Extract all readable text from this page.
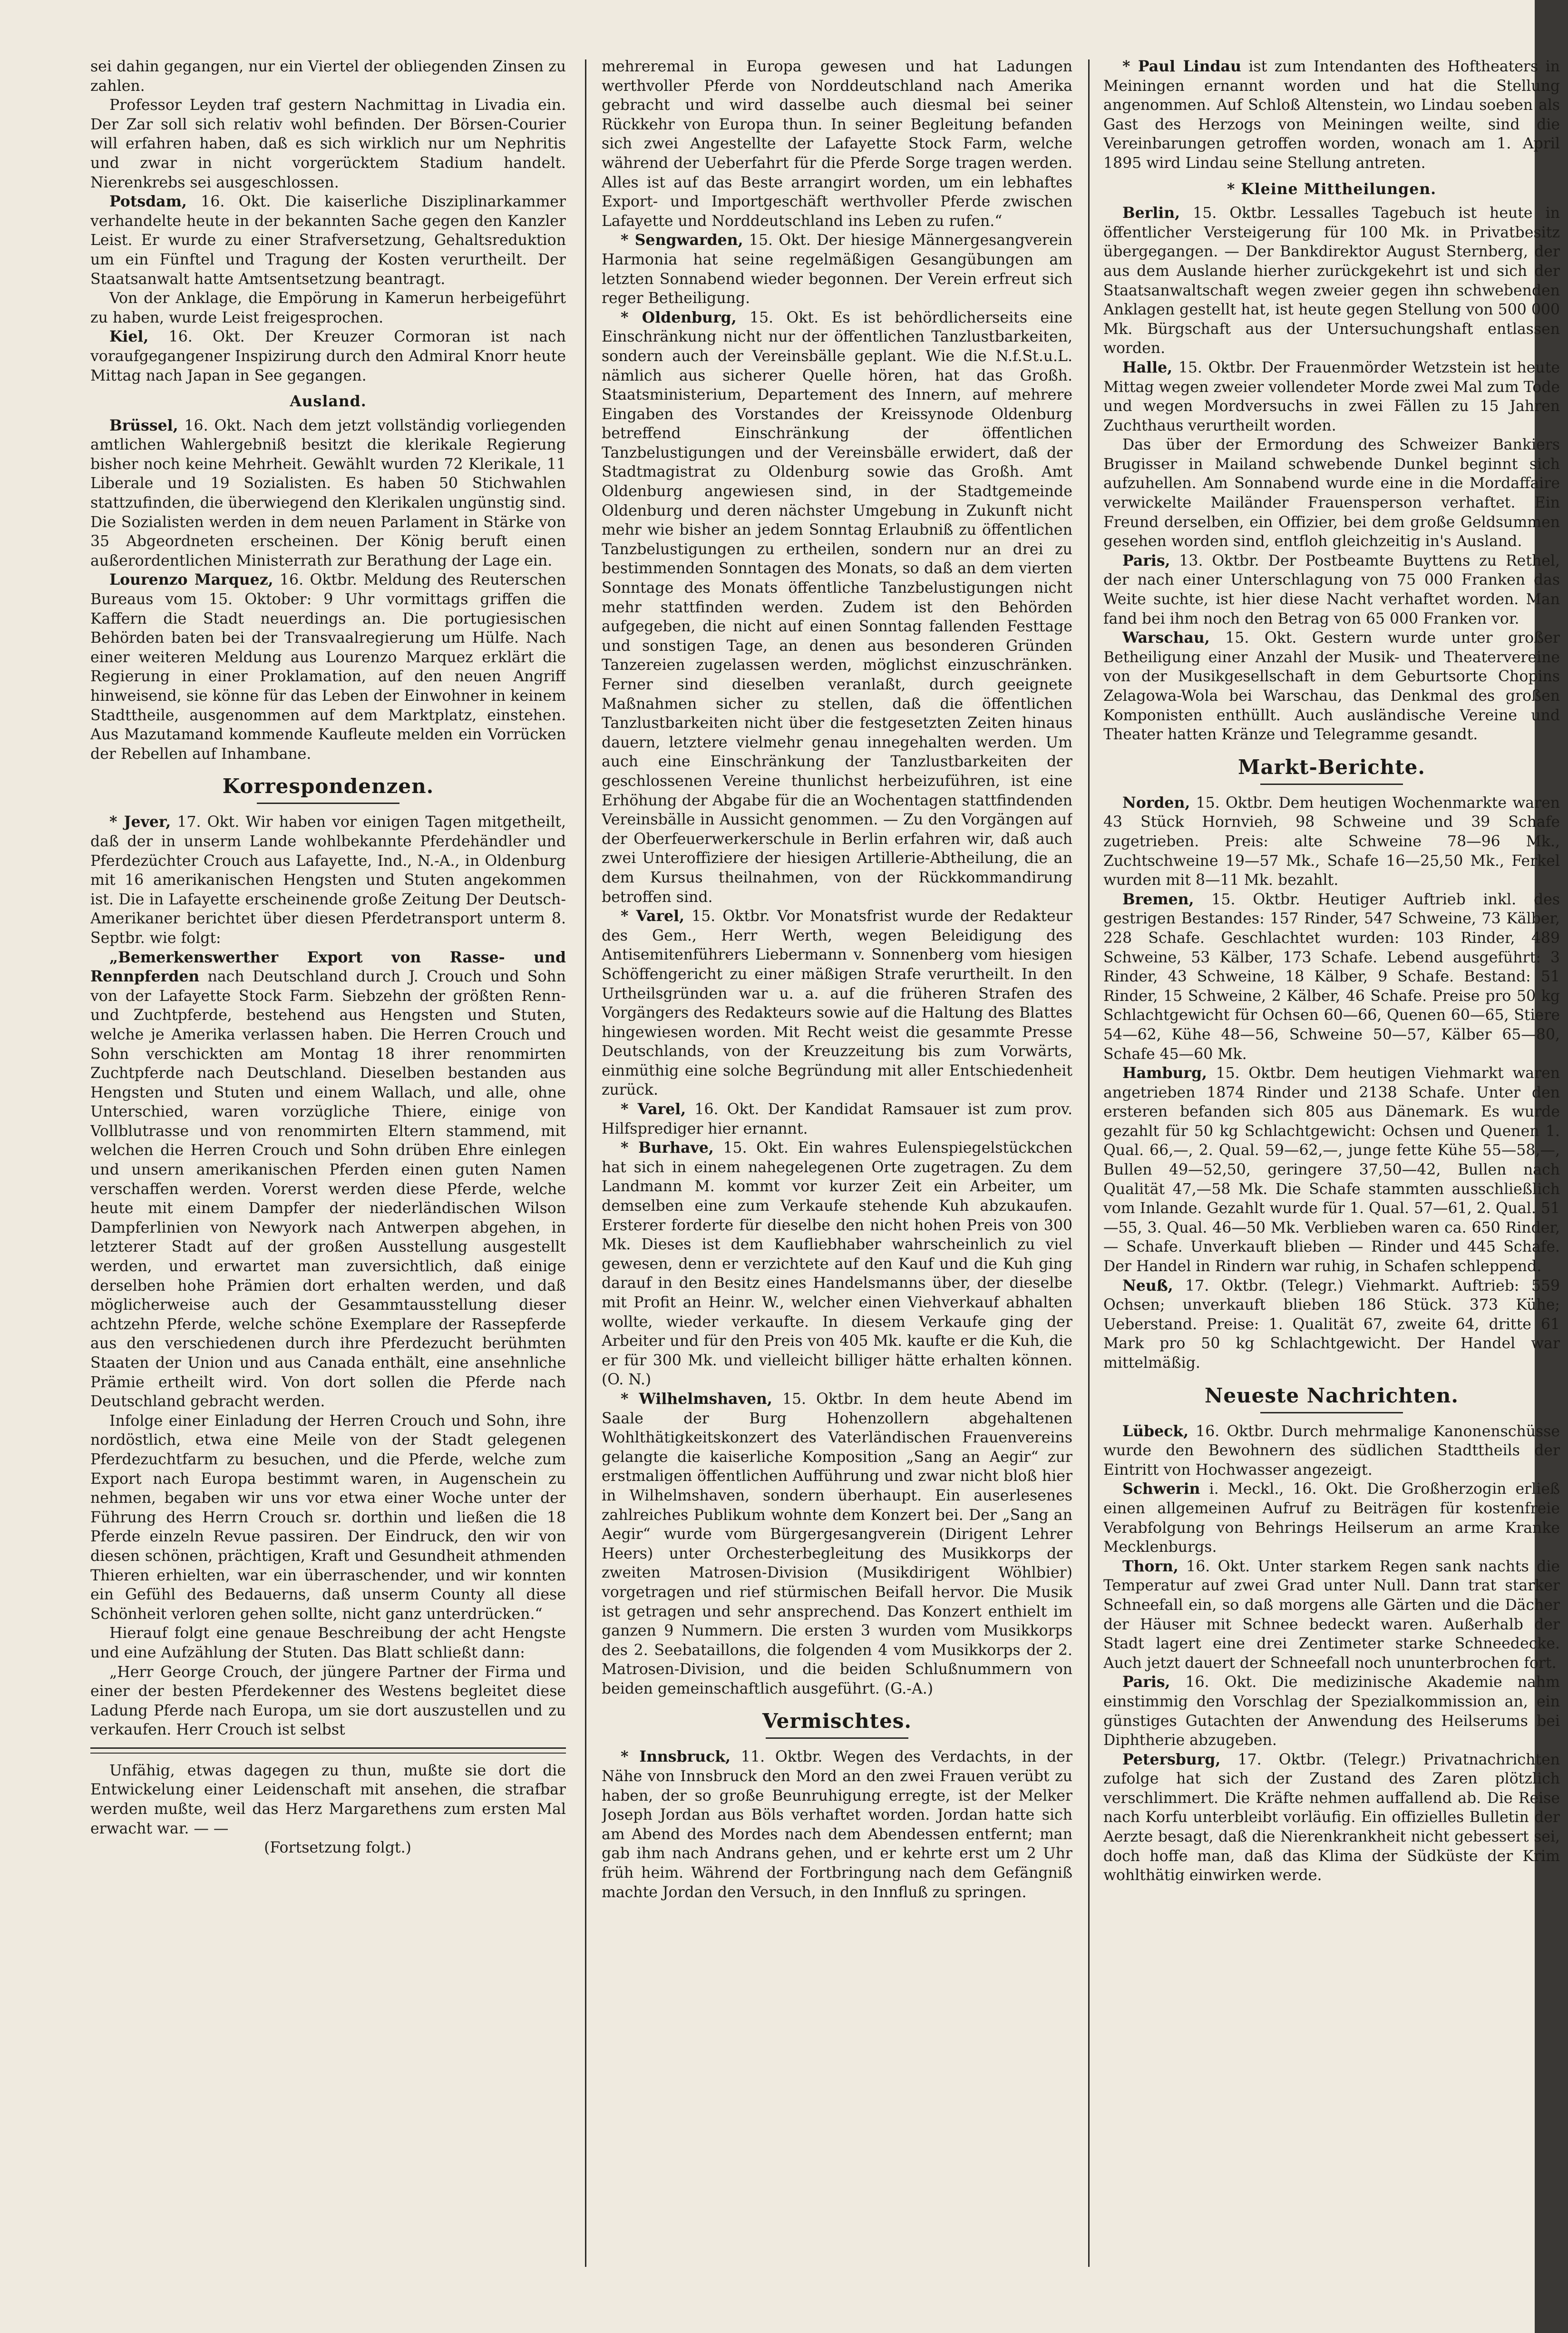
sei dahin gegangen, nur ein Viertel der obliegenden Zinsen zu zahlen.

Professor Leyden traf gestern Nachmittag in Livadia ein. Der Zar soll sich relativ wohl befinden. Der Börsen-Courier will erfahren haben, daß es sich wirklich nur um Nephritis und zwar in nicht vorgerücktem Stadium handelt. Nierenkrebs sei ausgeschlossen.

Potsdam, 16. Okt. Die kaiserliche Disziplinarkammer verhandelte heute in der bekannten Sache gegen den Kanzler Leist. Er wurde zu einer Strafversetzung, Gehaltsreduktion um ein Fünftel und Tragung der Kosten verurtheilt. Der Staatsanwalt hatte Amtsentsetzung beantragt.

Von der Anklage, die Empörung in Kamerun herbeigeführt zu haben, wurde Leist freigesprochen.

Kiel, 16. Okt. Der Kreuzer Cormoran ist nach voraufgegangener Inspizirung durch den Admiral Knorr heute Mittag nach Japan in See gegangen.

Ausland.

Brüssel, 16. Okt. Nach dem jetzt vollständig vorliegenden amtlichen Wahlergebniß besitzt die klerikale Regierung bisher noch keine Mehrheit. Gewählt wurden 72 Klerikale, 11 Liberale und 19 Sozialisten. Es haben 50 Stichwahlen stattzufinden, die überwiegend den Klerikalen ungünstig sind. Die Sozialisten werden in dem neuen Parlament in Stärke von 35 Abgeordneten erscheinen. Der König beruft einen außerordentlichen Ministerrath zur Berathung der Lage ein.

Lourenzo Marquez, 16. Oktbr. Meldung des Reuterschen Bureaus vom 15. Oktober: 9 Uhr vormittags griffen die Kaffern die Stadt neuerdings an. Die portugiesischen Behörden baten bei der Transvaalregierung um Hülfe. Nach einer weiteren Meldung aus Lourenzo Marquez erklärt die Regierung in einer Proklamation, auf den neuen Angriff hinweisend, sie könne für das Leben der Einwohner in keinem Stadttheile, ausgenommen auf dem Marktplatz, einstehen. Aus Mazutamand kommende Kaufleute melden ein Vorrücken der Rebellen auf Inhambane.

Korrespondenzen.

* Jever, 17. Okt. Wir haben vor einigen Tagen mitgetheilt, daß der in unserm Lande wohlbekannte Pferdehändler und Pferdezüchter Crouch aus Lafayette, Ind., N.-A., in Oldenburg mit 16 amerikanischen Hengsten und Stuten angekommen ist. Die in Lafayette erscheinende große Zeitung Der Deutsch-Amerikaner berichtet über diesen Pferdetransport unterm 8. Septbr. wie folgt:

„Bemerkenswerther Export von Rasse- und Rennpferden nach Deutschland durch J. Crouch und Sohn von der Lafayette Stock Farm. Siebzehn der größten Renn- und Zuchtpferde, bestehend aus Hengsten und Stuten, welche je Amerika verlassen haben. Die Herren Crouch und Sohn verschickten am Montag 18 ihrer renommirten Zuchtpferde nach Deutschland. Dieselben bestanden aus Hengsten und Stuten und einem Wallach, und alle, ohne Unterschied, waren vorzügliche Thiere, einige von Vollblutrasse und von renommirten Eltern stammend, mit welchen die Herren Crouch und Sohn drüben Ehre einlegen und unsern amerikanischen Pferden einen guten Namen verschaffen werden. Vorerst werden diese Pferde, welche heute mit einem Dampfer der niederländischen Wilson Dampferlinien von Newyork nach Antwerpen abgehen, in letzterer Stadt auf der großen Ausstellung ausgestellt werden, und erwartet man zuversichtlich, daß einige derselben hohe Prämien dort erhalten werden, und daß möglicherweise auch der Gesammtausstellung dieser achtzehn Pferde, welche schöne Exemplare der Rassepferde aus den verschiedenen durch ihre Pferdezucht berühmten Staaten der Union und aus Canada enthält, eine ansehnliche Prämie ertheilt wird. Von dort sollen die Pferde nach Deutschland gebracht werden.

Infolge einer Einladung der Herren Crouch und Sohn, ihre nordöstlich, etwa eine Meile von der Stadt gelegenen Pferdezuchtfarm zu besuchen, und die Pferde, welche zum Export nach Europa bestimmt waren, in Augenschein zu nehmen, begaben wir uns vor etwa einer Woche unter der Führung des Herrn Crouch sr. dorthin und ließen die 18 Pferde einzeln Revue passiren. Der Eindruck, den wir von diesen schönen, prächtigen, Kraft und Gesundheit athmenden Thieren erhielten, war ein überraschender, und wir konnten ein Gefühl des Bedauerns, daß unserm County all diese Schönheit verloren gehen sollte, nicht ganz unterdrücken.“

Hierauf folgt eine genaue Beschreibung der acht Hengste und eine Aufzählung der Stuten. Das Blatt schließt dann:

„Herr George Crouch, der jüngere Partner der Firma und einer der besten Pferdekenner des Westens begleitet diese Ladung Pferde nach Europa, um sie dort auszustellen und zu verkaufen. Herr Crouch ist selbst

Unfähig, etwas dagegen zu thun, mußte sie dort die Entwickelung einer Leidenschaft mit ansehen, die strafbar werden mußte, weil das Herz Margarethens zum ersten Mal erwacht war. — —

(Fortsetzung folgt.)

mehreremal in Europa gewesen und hat Ladungen werthvoller Pferde von Norddeutschland nach Amerika gebracht und wird dasselbe auch diesmal bei seiner Rückkehr von Europa thun. In seiner Begleitung befanden sich zwei Angestellte der Lafayette Stock Farm, welche während der Ueberfahrt für die Pferde Sorge tragen werden. Alles ist auf das Beste arrangirt worden, um ein lebhaftes Export- und Importgeschäft werthvoller Pferde zwischen Lafayette und Norddeutschland ins Leben zu rufen.“

* Sengwarden, 15. Okt. Der hiesige Männergesangverein Harmonia hat seine regelmäßigen Gesangübungen am letzten Sonnabend wieder begonnen. Der Verein erfreut sich reger Betheiligung.

* Oldenburg, 15. Okt. Es ist behördlicherseits eine Einschränkung nicht nur der öffentlichen Tanzlustbarkeiten, sondern auch der Vereinsbälle geplant. Wie die N.f.St.u.L. nämlich aus sicherer Quelle hören, hat das Großh. Staatsministerium, Departement des Innern, auf mehrere Eingaben des Vorstandes der Kreissynode Oldenburg betreffend Einschränkung der öffentlichen Tanzbelustigungen und der Vereinsbälle erwidert, daß der Stadtmagistrat zu Oldenburg sowie das Großh. Amt Oldenburg angewiesen sind, in der Stadtgemeinde Oldenburg und deren nächster Umgebung in Zukunft nicht mehr wie bisher an jedem Sonntag Erlaubniß zu öffentlichen Tanzbelustigungen zu ertheilen, sondern nur an drei zu bestimmenden Sonntagen des Monats, so daß an dem vierten Sonntage des Monats öffentliche Tanzbelustigungen nicht mehr stattfinden werden. Zudem ist den Behörden aufgegeben, die nicht auf einen Sonntag fallenden Festtage und sonstigen Tage, an denen aus besonderen Gründen Tanzereien zugelassen werden, möglichst einzuschränken. Ferner sind dieselben veranlaßt, durch geeignete Maßnahmen sicher zu stellen, daß die öffentlichen Tanzlustbarkeiten nicht über die festgesetzten Zeiten hinaus dauern, letztere vielmehr genau innegehalten werden. Um auch eine Einschränkung der Tanzlustbarkeiten der geschlossenen Vereine thunlichst herbeizuführen, ist eine Erhöhung der Abgabe für die an Wochentagen stattfindenden Vereinsbälle in Aussicht genommen. — Zu den Vorgängen auf der Oberfeuerwerkerschule in Berlin erfahren wir, daß auch zwei Unteroffiziere der hiesigen Artillerie-Abtheilung, die an dem Kursus theilnahmen, von der Rückkommandirung betroffen sind.

* Varel, 15. Oktbr. Vor Monatsfrist wurde der Redakteur des Gem., Herr Werth, wegen Beleidigung des Antisemitenführers Liebermann v. Sonnenberg vom hiesigen Schöffengericht zu einer mäßigen Strafe verurtheilt. In den Urtheilsgründen war u. a. auf die früheren Strafen des Vorgängers des Redakteurs sowie auf die Haltung des Blattes hingewiesen worden. Mit Recht weist die gesammte Presse Deutschlands, von der Kreuzzeitung bis zum Vorwärts, einmüthig eine solche Begründung mit aller Entschiedenheit zurück.

* Varel, 16. Okt. Der Kandidat Ramsauer ist zum prov. Hilfsprediger hier ernannt.

* Burhave, 15. Okt. Ein wahres Eulenspiegelstückchen hat sich in einem nahegelegenen Orte zugetragen. Zu dem Landmann M. kommt vor kurzer Zeit ein Arbeiter, um demselben eine zum Verkaufe stehende Kuh abzukaufen. Ersterer forderte für dieselbe den nicht hohen Preis von 300 Mk. Dieses ist dem Kaufliebhaber wahrscheinlich zu viel gewesen, denn er verzichtete auf den Kauf und die Kuh ging darauf in den Besitz eines Handelsmanns über, der dieselbe mit Profit an Heinr. W., welcher einen Viehverkauf abhalten wollte, wieder verkaufte. In diesem Verkaufe ging der Arbeiter und für den Preis von 405 Mk. kaufte er die Kuh, die er für 300 Mk. und vielleicht billiger hätte erhalten können. (O. N.)

* Wilhelmshaven, 15. Oktbr. In dem heute Abend im Saale der Burg Hohenzollern abgehaltenen Wohlthätigkeitskonzert des Vaterländischen Frauenvereins gelangte die kaiserliche Komposition „Sang an Aegir“ zur erstmaligen öffentlichen Aufführung und zwar nicht bloß hier in Wilhelmshaven, sondern überhaupt. Ein auserlesenes zahlreiches Publikum wohnte dem Konzert bei. Der „Sang an Aegir“ wurde vom Bürgergesangverein (Dirigent Lehrer Heers) unter Orchesterbegleitung des Musikkorps der zweiten Matrosen-Division (Musikdirigent Wöhlbier) vorgetragen und rief stürmischen Beifall hervor. Die Musik ist getragen und sehr ansprechend. Das Konzert enthielt im ganzen 9 Nummern. Die ersten 3 wurden vom Musikkorps des 2. Seebataillons, die folgenden 4 vom Musikkorps der 2. Matrosen-Division, und die beiden Schlußnummern von beiden gemeinschaftlich ausgeführt. (G.-A.)

Vermischtes.

* Innsbruck, 11. Oktbr. Wegen des Verdachts, in der Nähe von Innsbruck den Mord an den zwei Frauen verübt zu haben, der so große Beunruhigung erregte, ist der Melker Joseph Jordan aus Böls verhaftet worden. Jordan hatte sich am Abend des Mordes nach dem Abendessen entfernt; man gab ihm nach Andrans gehen, und er kehrte erst um 2 Uhr früh heim. Während der Fortbringung nach dem Gefängniß machte Jordan den Versuch, in den Innfluß zu springen.

* Paul Lindau ist zum Intendanten des Hoftheaters in Meiningen ernannt worden und hat die Stellung angenommen. Auf Schloß Altenstein, wo Lindau soeben als Gast des Herzogs von Meiningen weilte, sind die Vereinbarungen getroffen worden, wonach am 1. April 1895 wird Lindau seine Stellung antreten.

* Kleine Mittheilungen.

Berlin, 15. Oktbr. Lessalles Tagebuch ist heute in öffentlicher Versteigerung für 100 Mk. in Privatbesitz übergegangen. — Der Bankdirektor August Sternberg, der aus dem Auslande hierher zurückgekehrt ist und sich der Staatsanwaltschaft wegen zweier gegen ihn schwebenden Anklagen gestellt hat, ist heute gegen Stellung von 500 000 Mk. Bürgschaft aus der Untersuchungshaft entlassen worden.

Halle, 15. Oktbr. Der Frauenmörder Wetzstein ist heute Mittag wegen zweier vollendeter Morde zwei Mal zum Tode und wegen Mordversuchs in zwei Fällen zu 15 Jahren Zuchthaus verurtheilt worden.

Das über der Ermordung des Schweizer Bankiers Brugisser in Mailand schwebende Dunkel beginnt sich aufzuhellen. Am Sonnabend wurde eine in die Mordaffaire verwickelte Mailänder Frauensperson verhaftet. Ein Freund derselben, ein Offizier, bei dem große Geldsummen gesehen worden sind, entfloh gleichzeitig in's Ausland.

Paris, 13. Oktbr. Der Postbeamte Buyttens zu Rethel, der nach einer Unterschlagung von 75 000 Franken das Weite suchte, ist hier diese Nacht verhaftet worden. Man fand bei ihm noch den Betrag von 65 000 Franken vor.

Warschau, 15. Okt. Gestern wurde unter großer Betheiligung einer Anzahl der Musik- und Theatervereine von der Musikgesellschaft in dem Geburtsorte Chopins Zelagowa-Wola bei Warschau, das Denkmal des großen Komponisten enthüllt. Auch ausländische Vereine und Theater hatten Kränze und Telegramme gesandt.

Markt-Berichte.

Norden, 15. Oktbr. Dem heutigen Wochenmarkte waren 43 Stück Hornvieh, 98 Schweine und 39 Schafe zugetrieben. Preis: alte Schweine 78—96 Mk., Zuchtschweine 19—57 Mk., Schafe 16—25,50 Mk., Ferkel wurden mit 8—11 Mk. bezahlt.

Bremen, 15. Oktbr. Heutiger Auftrieb inkl. des gestrigen Bestandes: 157 Rinder, 547 Schweine, 73 Kälber, 228 Schafe. Geschlachtet wurden: 103 Rinder, 489 Schweine, 53 Kälber, 173 Schafe. Lebend ausgeführt: 3 Rinder, 43 Schweine, 18 Kälber, 9 Schafe. Bestand: 51 Rinder, 15 Schweine, 2 Kälber, 46 Schafe. Preise pro 50 kg Schlachtgewicht für Ochsen 60—66, Quenen 60—65, Stiere 54—62, Kühe 48—56, Schweine 50—57, Kälber 65—80, Schafe 45—60 Mk.

Hamburg, 15. Oktbr. Dem heutigen Viehmarkt waren angetrieben 1874 Rinder und 2138 Schafe. Unter den ersteren befanden sich 805 aus Dänemark. Es wurde gezahlt für 50 kg Schlachtgewicht: Ochsen und Quenen 1. Qual. 66,—, 2. Qual. 59—62,—, junge fette Kühe 55—58,—, Bullen 49—52,50, geringere 37,50—42, Bullen nach Qualität 47,—58 Mk. Die Schafe stammten ausschließlich vom Inlande. Gezahlt wurde für 1. Qual. 57—61, 2. Qual. 51—55, 3. Qual. 46—50 Mk. Verblieben waren ca. 650 Rinder, — Schafe. Unverkauft blieben — Rinder und 445 Schafe. Der Handel in Rindern war ruhig, in Schafen schleppend.

Neuß, 17. Oktbr. (Telegr.) Viehmarkt. Auftrieb: 559 Ochsen; unverkauft blieben 186 Stück. 373 Kühe; Ueberstand. Preise: 1. Qualität 67, zweite 64, dritte 61 Mark pro 50 kg Schlachtgewicht. Der Handel war mittelmäßig.

Neueste Nachrichten.

Lübeck, 16. Oktbr. Durch mehrmalige Kanonenschüsse wurde den Bewohnern des südlichen Stadttheils der Eintritt von Hochwasser angezeigt.

Schwerin i. Meckl., 16. Okt. Die Großherzogin erließ einen allgemeinen Aufruf zu Beiträgen für kostenfreie Verabfolgung von Behrings Heilserum an arme Kranke Mecklenburgs.

Thorn, 16. Okt. Unter starkem Regen sank nachts die Temperatur auf zwei Grad unter Null. Dann trat starker Schneefall ein, so daß morgens alle Gärten und die Dächer der Häuser mit Schnee bedeckt waren. Außerhalb der Stadt lagert eine drei Zentimeter starke Schneedecke. Auch jetzt dauert der Schneefall noch ununterbrochen fort.

Paris, 16. Okt. Die medizinische Akademie nahm einstimmig den Vorschlag der Spezialkommission an, ein günstiges Gutachten der Anwendung des Heilserums bei Diphtherie abzugeben.

Petersburg, 17. Oktbr. (Telegr.) Privatnachrichten zufolge hat sich der Zustand des Zaren plötzlich verschlimmert. Die Kräfte nehmen auffallend ab. Die Reise nach Korfu unterbleibt vorläufig. Ein offizielles Bulletin der Aerzte besagt, daß die Nierenkrankheit nicht gebessert sei, doch hoffe man, daß das Klima der Südküste der Krim wohlthätig einwirken werde.
